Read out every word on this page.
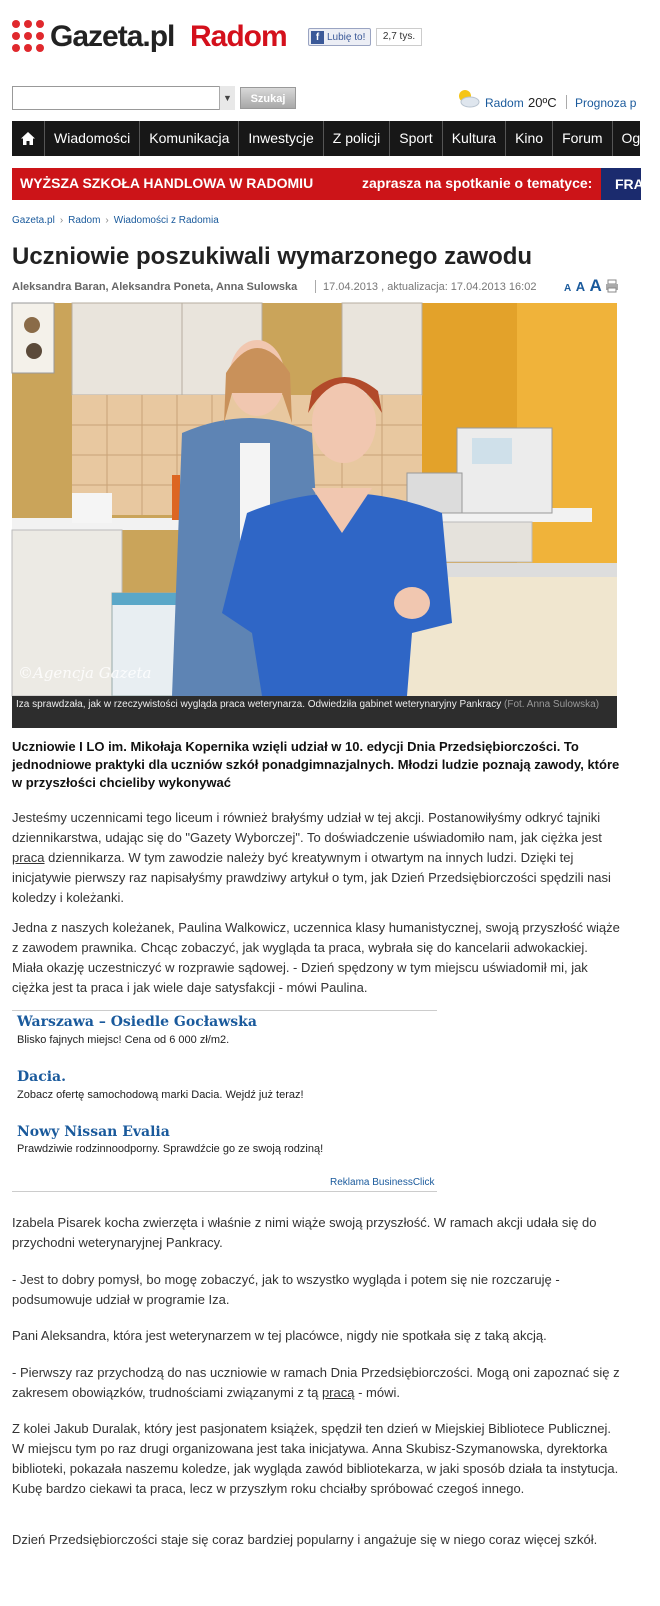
Gazeta.pl Radom	f Lubię to!	2,7 tys.
▼	Szukaj	Radom 20ºC Prognoza p
Wiadomości	Komunikacja	Inwestycje	Z policji	Sport	Kultura	Kino	Forum	Ogło
WYŻSZA SZKOŁA HANDLOWA W RADOMIU	zaprasza na spotkanie o tematyce:	FRA
Gazeta.pl › Radom › Wiadomości z Radomia
Uczniowie poszukiwali wymarzonego zawodu
Aleksandra Baran, Aleksandra Poneta, Anna Sulowska 17.04.2013 , aktualizacja: 17.04.2013 16:02	A A A
©Agencja Gazeta
Iza sprawdzała, jak w rzeczywistości wygląda praca weterynarza. Odwiedziła gabinet weterynaryjny Pankracy (Fot. Anna Sulowska)

Uczniowie I LO im. Mikołaja Kopernika wzięli udział w 10. edycji Dnia Przedsiębiorczości. To jednodniowe praktyki dla uczniów szkół ponadgimnazjalnych. Młodzi ludzie poznają zawody, które w przyszłości chcieliby wykonywać

Jesteśmy uczennicami tego liceum i również brałyśmy udział w tej akcji. Postanowiłyśmy odkryć tajniki dziennikarstwa, udając się do "Gazety Wyborczej". To doświadczenie uświadomiło nam, jak ciężka jest praca dziennikarza. W tym zawodzie należy być kreatywnym i otwartym na innych ludzi. Dzięki tej inicjatywie pierwszy raz napisałyśmy prawdziwy artykuł o tym, jak Dzień Przedsiębiorczości spędzili nasi koledzy i koleżanki.

Jedna z naszych koleżanek, Paulina Walkowicz, uczennica klasy humanistycznej, swoją przyszłość wiąże z zawodem prawnika. Chcąc zobaczyć, jak wygląda ta praca, wybrała się do kancelarii adwokackiej. Miała okazję uczestniczyć w rozprawie sądowej. - Dzień spędzony w tym miejscu uświadomił mi, jak ciężka jest ta praca i jak wiele daje satysfakcji - mówi Paulina.

Warszawa – Osiedle Gocławska
Blisko fajnych miejsc! Cena od 6 000 zł/m2.
Dacia.
Zobacz ofertę samochodową marki Dacia. Wejdź już teraz!
Nowy Nissan Evalia
Prawdziwie rodzinnoodporny. Sprawdźcie go ze swoją rodziną!
Reklama BusinessClick

Izabela Pisarek kocha zwierzęta i właśnie z nimi wiąże swoją przyszłość. W ramach akcji udała się do przychodni weterynaryjnej Pankracy.

- Jest to dobry pomysł, bo mogę zobaczyć, jak to wszystko wygląda i potem się nie rozczaruję - podsumowuje udział w programie Iza.

Pani Aleksandra, która jest weterynarzem w tej placówce, nigdy nie spotkała się z taką akcją.

- Pierwszy raz przychodzą do nas uczniowie w ramach Dnia Przedsiębiorczości. Mogą oni zapoznać się z zakresem obowiązków, trudnościami związanymi z tą pracą - mówi.

Z kolei Jakub Duralak, który jest pasjonatem książek, spędził ten dzień w Miejskiej Bibliotece Publicznej. W miejscu tym po raz drugi organizowana jest taka inicjatywa. Anna Skubisz-Szymanowska, dyrektorka biblioteki, pokazała naszemu koledze, jak wygląda zawód bibliotekarza, w jaki sposób działa ta instytucja. Kubę bardzo ciekawi ta praca, lecz w przyszłym roku chciałby spróbować czegoś innego.

Dzień Przedsiębiorczości staje się coraz bardziej popularny i angażuje się w niego coraz więcej szkół.
